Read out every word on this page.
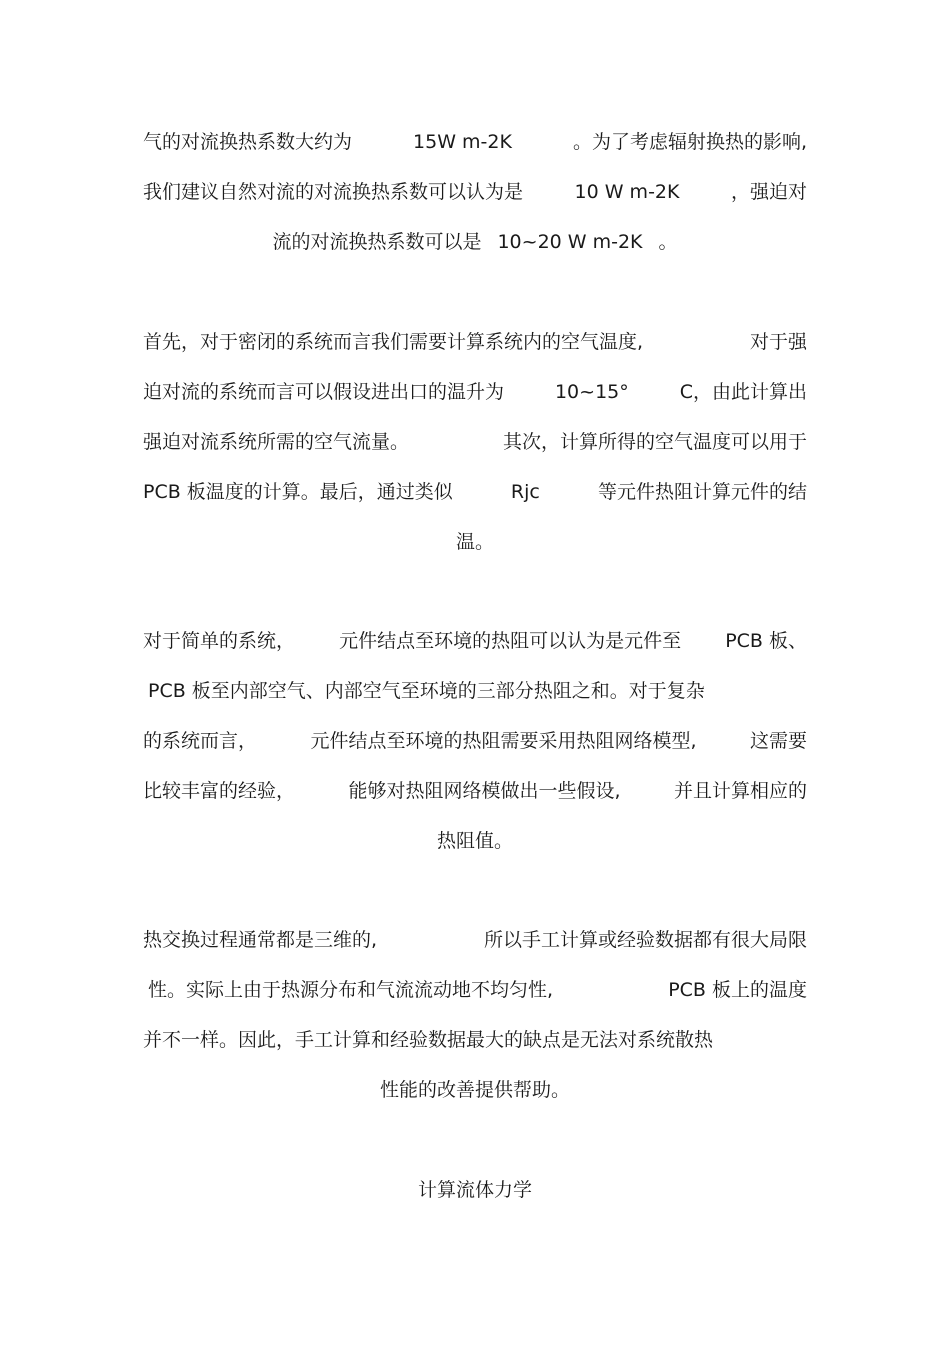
气的对流换热系数大约为	15W m-2K	。为了考虑辐射换热的影响,
我们建议自然对流的对流换热系数可以认为是	10 W m-2K	，强迫对
流的对流换热系数可以是 10~20 W m-2K 。
首先，对于密闭的系统而言我们需要计算系统内的空气温度,	对于强
迫对流的系统而言可以假设进出口的温升为	10~15°	C，由此计算出
强迫对流系统所需的空气流量。	其次，计算所得的空气温度可以用于
PCB 板温度的计算。最后，通过类似	Rjc	等元件热阻计算元件的结
温。
对于简单的系统， 元件结点至环境的热阻可以认为是元件至 PCB 板、
PCB 板至内部空气、内部空气至环境的三部分热阻之和。对于复杂
的系统而言，	元件结点至环境的热阻需要采用热阻网络模型,	这需要
比较丰富的经验，	能够对热阻网络模做出一些假设,	并且计算相应的
热阻值。
热交换过程通常都是三维的,	所以手工计算或经验数据都有很大局限
性。实际上由于热源分布和气流流动地不均匀性,	PCB 板上的温度
并不一样。因此，手工计算和经验数据最大的缺点是无法对系统散热
性能的改善提供帮助。
计算流体力学
